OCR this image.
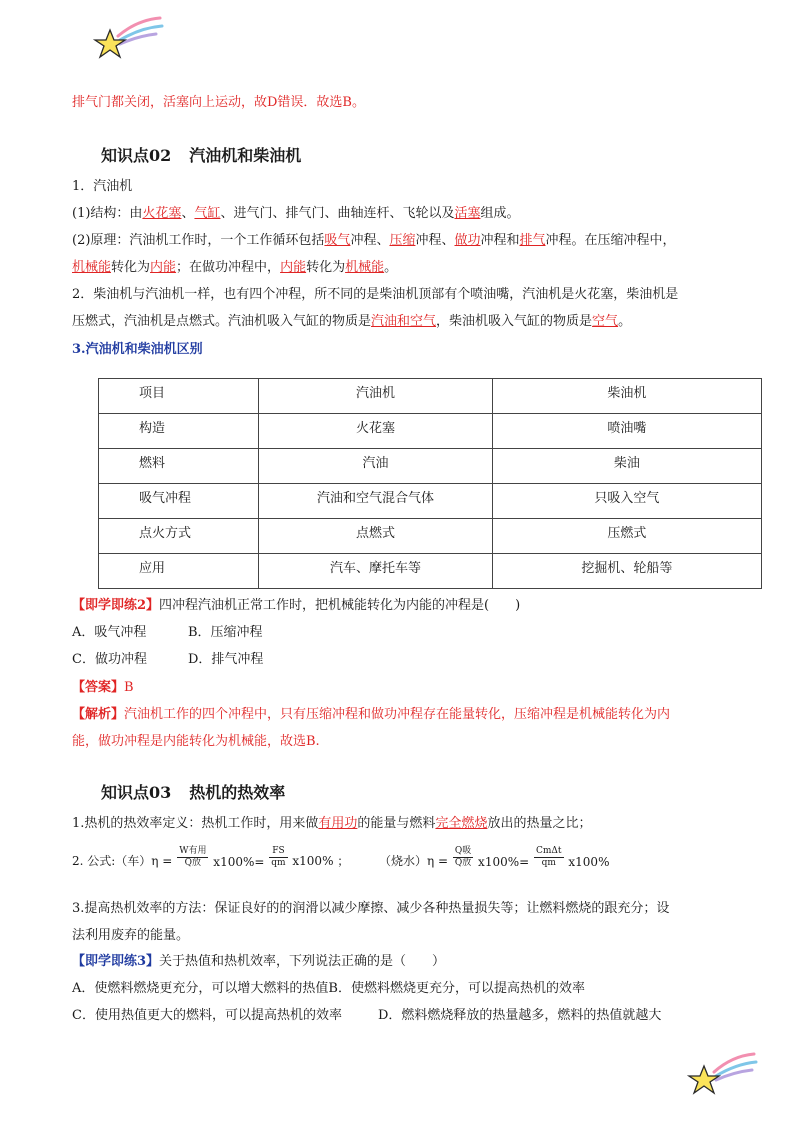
排气门都关闭，活塞向上运动，故D错误．故选B。
知识点02 汽油机和柴油机
1．汽油机
(1)结构：由火花塞、气缸、进气门、排气门、曲轴连杆、飞轮以及活塞组成。
(2)原理：汽油机工作时，一个工作循环包括吸气冲程、压缩冲程、做功冲程和排气冲程。在压缩冲程中，
机械能转化为内能；在做功冲程中，内能转化为机械能。
2．柴油机与汽油机一样，也有四个冲程，所不同的是柴油机顶部有个喷油嘴，汽油机是火花塞，柴油机是
压燃式，汽油机是点燃式。汽油机吸入气缸的物质是汽油和空气，柴油机吸入气缸的物质是空气。
3.汽油机和柴油机区别
项目	汽油机	柴油机
构造	火花塞	喷油嘴
燃料	汽油	柴油
吸气冲程	汽油和空气混合气体	只吸入空气
点火方式	点燃式	压燃式
应用	汽车、摩托车等	挖掘机、轮船等
【即学即练2】四冲程汽油机正常工作时，把机械能转化为内能的冲程是(　　)
A．吸气冲程	B．压缩冲程
C．做功冲程	D．排气冲程
【答案】B
【解析】汽油机工作的四个冲程中，只有压缩冲程和做功冲程存在能量转化，压缩冲程是机械能转化为内
能，做功冲程是内能转化为机械能，故选B.
知识点03 热机的热效率
1.热机的热效率定义：热机工作时，用来做有用功的能量与燃料完全燃烧放出的热量之比；
2. 公式:（车）$\eta = \frac{\text{W有用}}{\text{Q放}} x100\%= \frac{FS}{qm} x100\%$ ； （烧水）$\eta = \frac{\text{Q吸}}{\text{Q放}} x100\%= \frac{\text{CmΔt}}{qm} x100\%$
3.提高热机效率的方法：保证良好的的润滑以减少摩擦、减少各种热量损失等；让燃料燃烧的跟充分；设
法利用废弃的能量。
【即学即练3】关于热值和热机效率，下列说法正确的是（　　）
A．使燃料燃烧更充分，可以增大燃料的热值B．使燃料燃烧更充分，可以提高热机的效率
C．使用热值更大的燃料，可以提高热机的效率	D．燃料燃烧释放的热量越多，燃料的热值就越大
